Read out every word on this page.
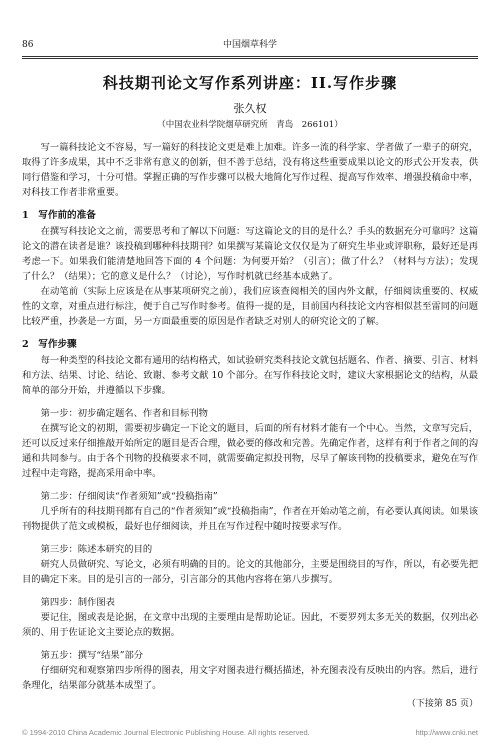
86	中国烟草科学
科技期刊论文写作系列讲座：II.写作步骤
张久权
（中国农业科学院烟草研究所　青岛　266101）

写一篇科技论文不容易，写一篇好的科技论文更是难上加难。许多一流的科学家、学者做了一辈子的研究，取得了许多成果，其中不乏非常有意义的创新，但不善于总结，没有将这些重要成果以论文的形式公开发表，供同行借鉴和学习，十分可惜。掌握正确的写作步骤可以极大地简化写作过程、提高写作效率、增强投稿命中率，对科技工作者非常重要。

1　写作前的准备

在撰写科技论文之前，需要思考和了解以下问题：写这篇论文的目的是什么？手头的数据充分可靠吗？这篇论文的潜在读者是谁？该投稿到哪种科技期刊？如果撰写某篇论文仅仅是为了研究生毕业或评职称，最好还是再考虑一下。如果我们能清楚地回答下面的 4 个问题：为何要开始？（引言）；做了什么？（材料与方法）；发现了什么？（结果）；它的意义是什么？（讨论），写作时机就已经基本成熟了。

在动笔前（实际上应该是在从事某项研究之前），我们应该查阅相关的国内外文献，仔细阅读重要的、权威性的文章，对重点进行标注，便于自己写作时参考。值得一提的是，目前国内科技论文内容相似甚至雷同的问题比较严重，抄袭是一方面，另一方面最重要的原因是作者缺乏对别人的研究论文的了解。

2　写作步骤

每一种类型的科技论文都有通用的结构格式，如试验研究类科技论文就包括题名、作者、摘要、引言、材料和方法、结果、讨论、结论、致谢、参考文献 10 个部分。在写作科技论文时，建议大家根据论文的结构，从最简单的部分开始，并遵循以下步骤。

第一步：初步确定题名、作者和目标刊物

在撰写论文的初期，需要初步确定一下论文的题目，后面的所有材料才能有一个中心。当然，文章写完后，还可以反过来仔细推敲开始所定的题目是否合理，做必要的修改和完善。先确定作者，这样有利于作者之间的沟通和共同参与。由于各个刊物的投稿要求不同，就需要确定拟投刊物，尽早了解该刊物的投稿要求，避免在写作过程中走弯路，提高采用命中率。

第二步：仔细阅读“作者须知”或“投稿指南”

几乎所有的科技期刊都有自己的“作者须知”或“投稿指南”，作者在开始动笔之前，有必要认真阅读。如果该刊物提供了范文或模板，最好也仔细阅读，并且在写作过程中随时按要求写作。

第三步：陈述本研究的目的

研究人员做研究、写论文，必须有明确的目的。论文的其他部分，主要是围绕目的写作，所以，有必要先把目的确定下来。目的是引言的一部分，引言部分的其他内容将在第八步撰写。

第四步：制作图表

要记住，图或表是论据，在文章中出现的主要理由是帮助论证。因此，不要罗列太多无关的数据，仅列出必须的、用于佐证论文主要论点的数据。

第五步：撰写“结果”部分

仔细研究和观察第四步所得的图表，用文字对图表进行概括描述，补充图表没有反映出的内容。然后，进行条理化，结果部分就基本成型了。

（下接第 85 页）

© 1994-2010 China Academic Journal Electronic Publishing House. All rights reserved.	http://www.cnki.net
